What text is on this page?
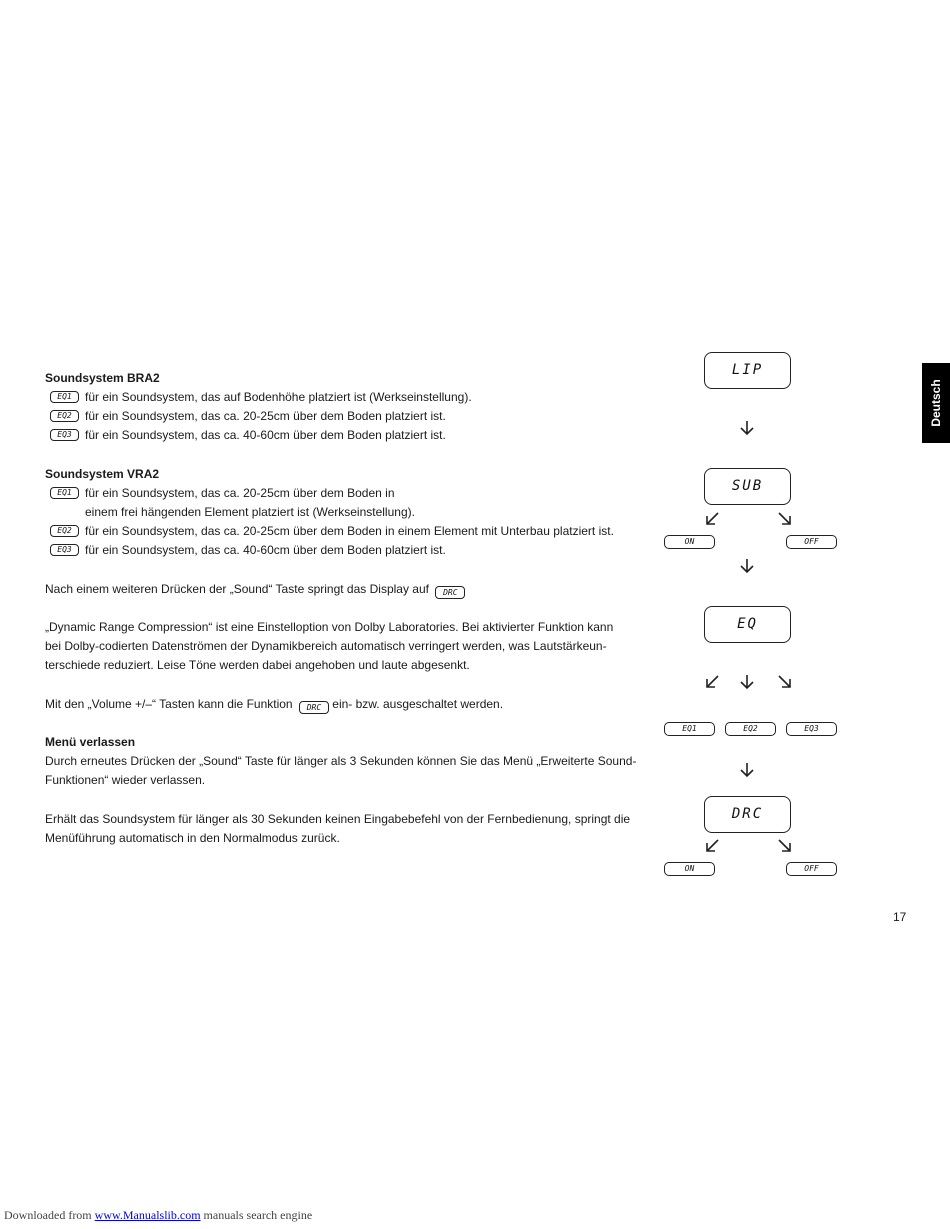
Soundsystem BRA2
EQ1	für ein Soundsystem, das auf Bodenhöhe platziert ist (Werkseinstellung).
EQ2	für ein Soundsystem, das ca. 20-25cm über dem Boden platziert ist.
EQ3	für ein Soundsystem, das ca. 40-60cm über dem Boden platziert ist.
Soundsystem VRA2
EQ1	für ein Soundsystem, das ca. 20-25cm über dem Boden in
einem frei hängenden Element platziert ist (Werkseinstellung).
EQ2	für ein Soundsystem, das ca. 20-25cm über dem Boden in einem Element mit Unterbau platziert ist.
EQ3	für ein Soundsystem, das ca. 40-60cm über dem Boden platziert ist.
Nach einem weiteren Drücken der „Sound“ Taste springt das Display auf DRC
„Dynamic Range Compression“ ist eine Einstelloption von Dolby Laboratories. Bei aktivierter Funktion kann
bei Dolby-codierten Datenströmen der Dynamikbereich automatisch verringert werden, was Lautstärkeun-
terschiede reduziert. Leise Töne werden dabei angehoben und laute abgesenkt.
Mit den „Volume +/–“ Tasten kann die Funktion DRC ein- bzw. ausgeschaltet werden.
Menü verlassen
Durch erneutes Drücken der „Sound“ Taste für länger als 3 Sekunden können Sie das Menü „Erweiterte Sound-
Funktionen“ wieder verlassen.
Erhält das Soundsystem für länger als 30 Sekunden keinen Eingabebefehl von der Fernbedienung, springt die
Menüführung automatisch in den Normalmodus zurück.
LIP
SUB
ON	OFF
EQ
EQ1	EQ2	EQ3
DRC
ON	OFF
Deutsch
17
Downloaded from www.Manualslib.com manuals search engine
